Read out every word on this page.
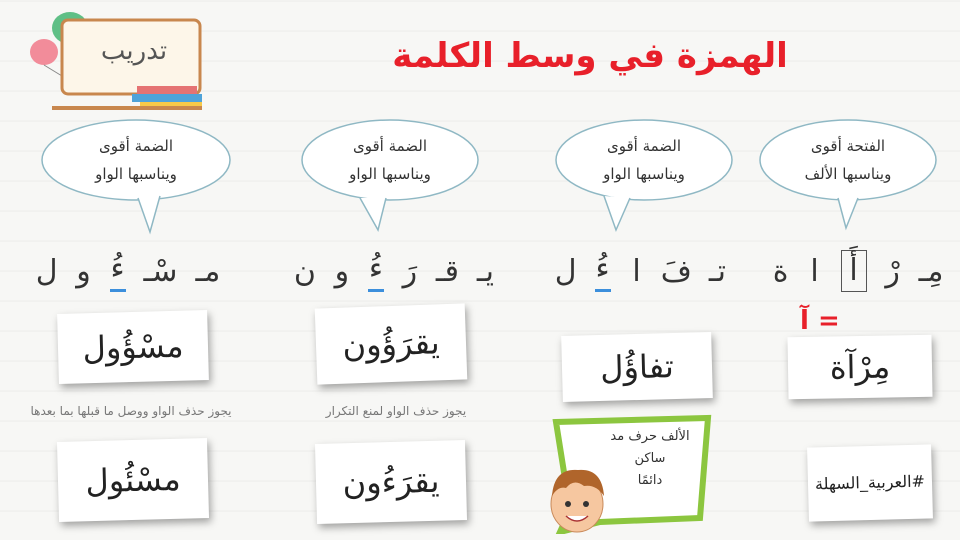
الهمزة في وسط الكلمة
تدريب
الفتحة أقوى
ويناسبها الألف
مِـ
رْ
أَ
ا
ة
= آ
مِرْآة
الضمة أقوى
ويناسبها الواو
تـ
فَ
ا
ءُ
ل
تفاؤُل
الضمة أقوى
ويناسبها الواو
يـ
قـ
رَ
ءُ
و
ن
يقرَؤُون
يجوز حذف الواو لمنع التكرار
يقرَءُون
الضمة أقوى
ويناسبها الواو
مـ
سْـ
ءُ
و
ل
مسْؤُول
يجوز حذف الواو ووصل ما قبلها بما بعدها
مسْئُول
الألف حرف مد
ساكن
دائمًا	#العربية_السهلة
